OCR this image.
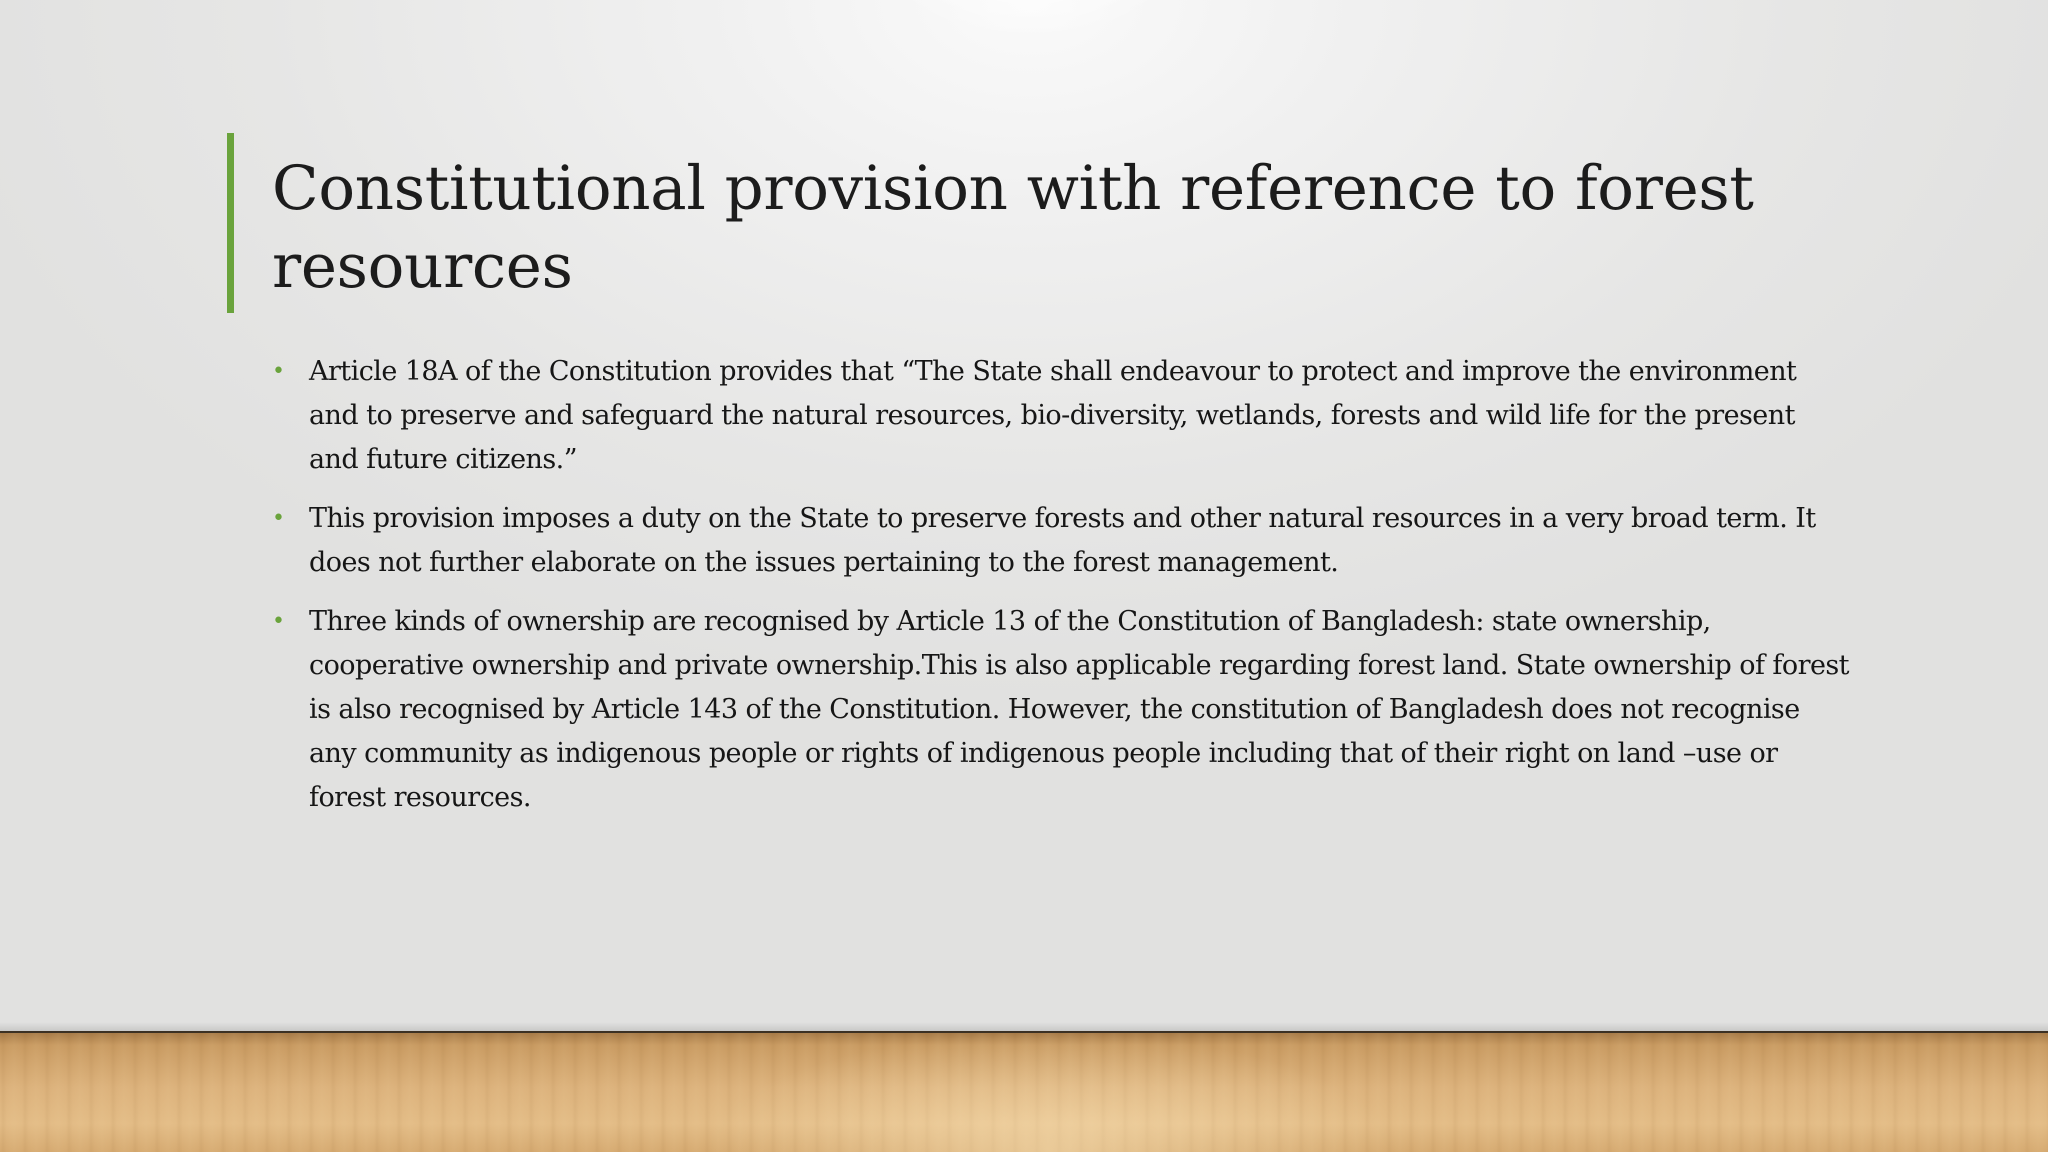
Constitutional provision with reference to forest resources
• Article 18A of the Constitution provides that “The State shall endeavour to protect and improve the environment and to preserve and safeguard the natural resources, bio-diversity, wetlands, forests and wild life for the present and future citizens.”
• This provision imposes a duty on the State to preserve forests and other natural resources in a very broad term. It does not further elaborate on the issues pertaining to the forest management.
• Three kinds of ownership are recognised by Article 13 of the Constitution of Bangladesh: state ownership, cooperative ownership and private ownership.This is also applicable regarding forest land. State ownership of forest is also recognised by Article 143 of the Constitution. However, the constitution of Bangladesh does not recognise any community as indigenous people or rights of indigenous people including that of their right on land –use or forest resources.
